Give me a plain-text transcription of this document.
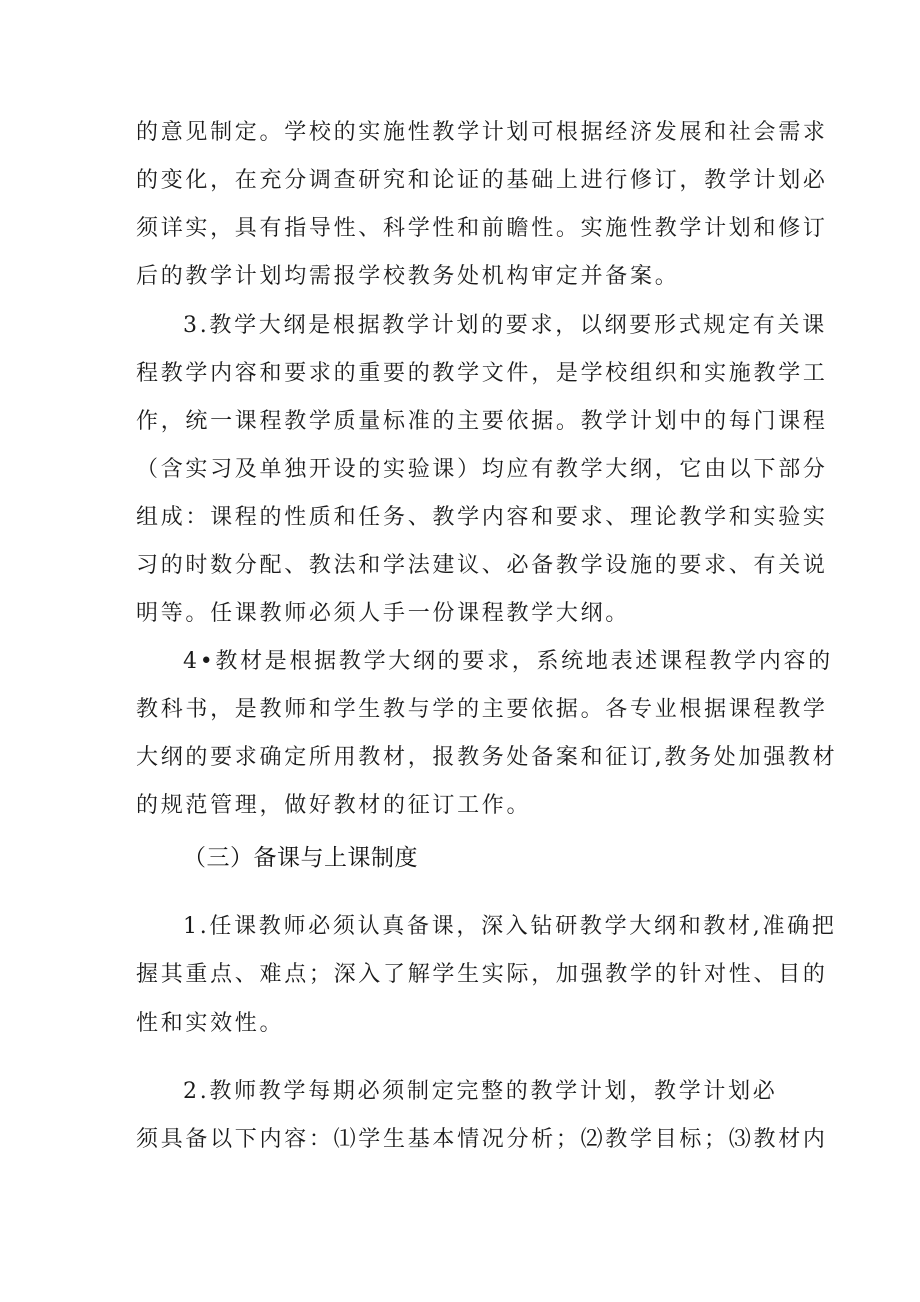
的意见制定。学校的实施性教学计划可根据经济发展和社会需求
的变化，在充分调查研究和论证的基础上进行修订，教学计划必
须详实，具有指导性、科学性和前瞻性。实施性教学计划和修订
后的教学计划均需报学校教务处机构审定并备案。
3.教学大纲是根据教学计划的要求，以纲要形式规定有关课
程教学内容和要求的重要的教学文件，是学校组织和实施教学工
作，统一课程教学质量标准的主要依据。教学计划中的每门课程
（含实习及单独开设的实验课）均应有教学大纲，它由以下部分
组成：课程的性质和任务、教学内容和要求、理论教学和实验实
习的时数分配、教法和学法建议、必备教学设施的要求、有关说
明等。任课教师必须人手一份课程教学大纲。
4•教材是根据教学大纲的要求，系统地表述课程教学内容的
教科书，是教师和学生教与学的主要依据。各专业根据课程教学
大纲的要求确定所用教材，报教务处备案和征订,教务处加强教材
的规范管理，做好教材的征订工作。
（三）备课与上课制度
1.任课教师必须认真备课，深入钻研教学大纲和教材,准确把
握其重点、难点；深入了解学生实际，加强教学的针对性、目的
性和实效性。
2.教师教学每期必须制定完整的教学计划，教学计划必
须具备以下内容：⑴学生基本情况分析；⑵教学目标；⑶教材内
